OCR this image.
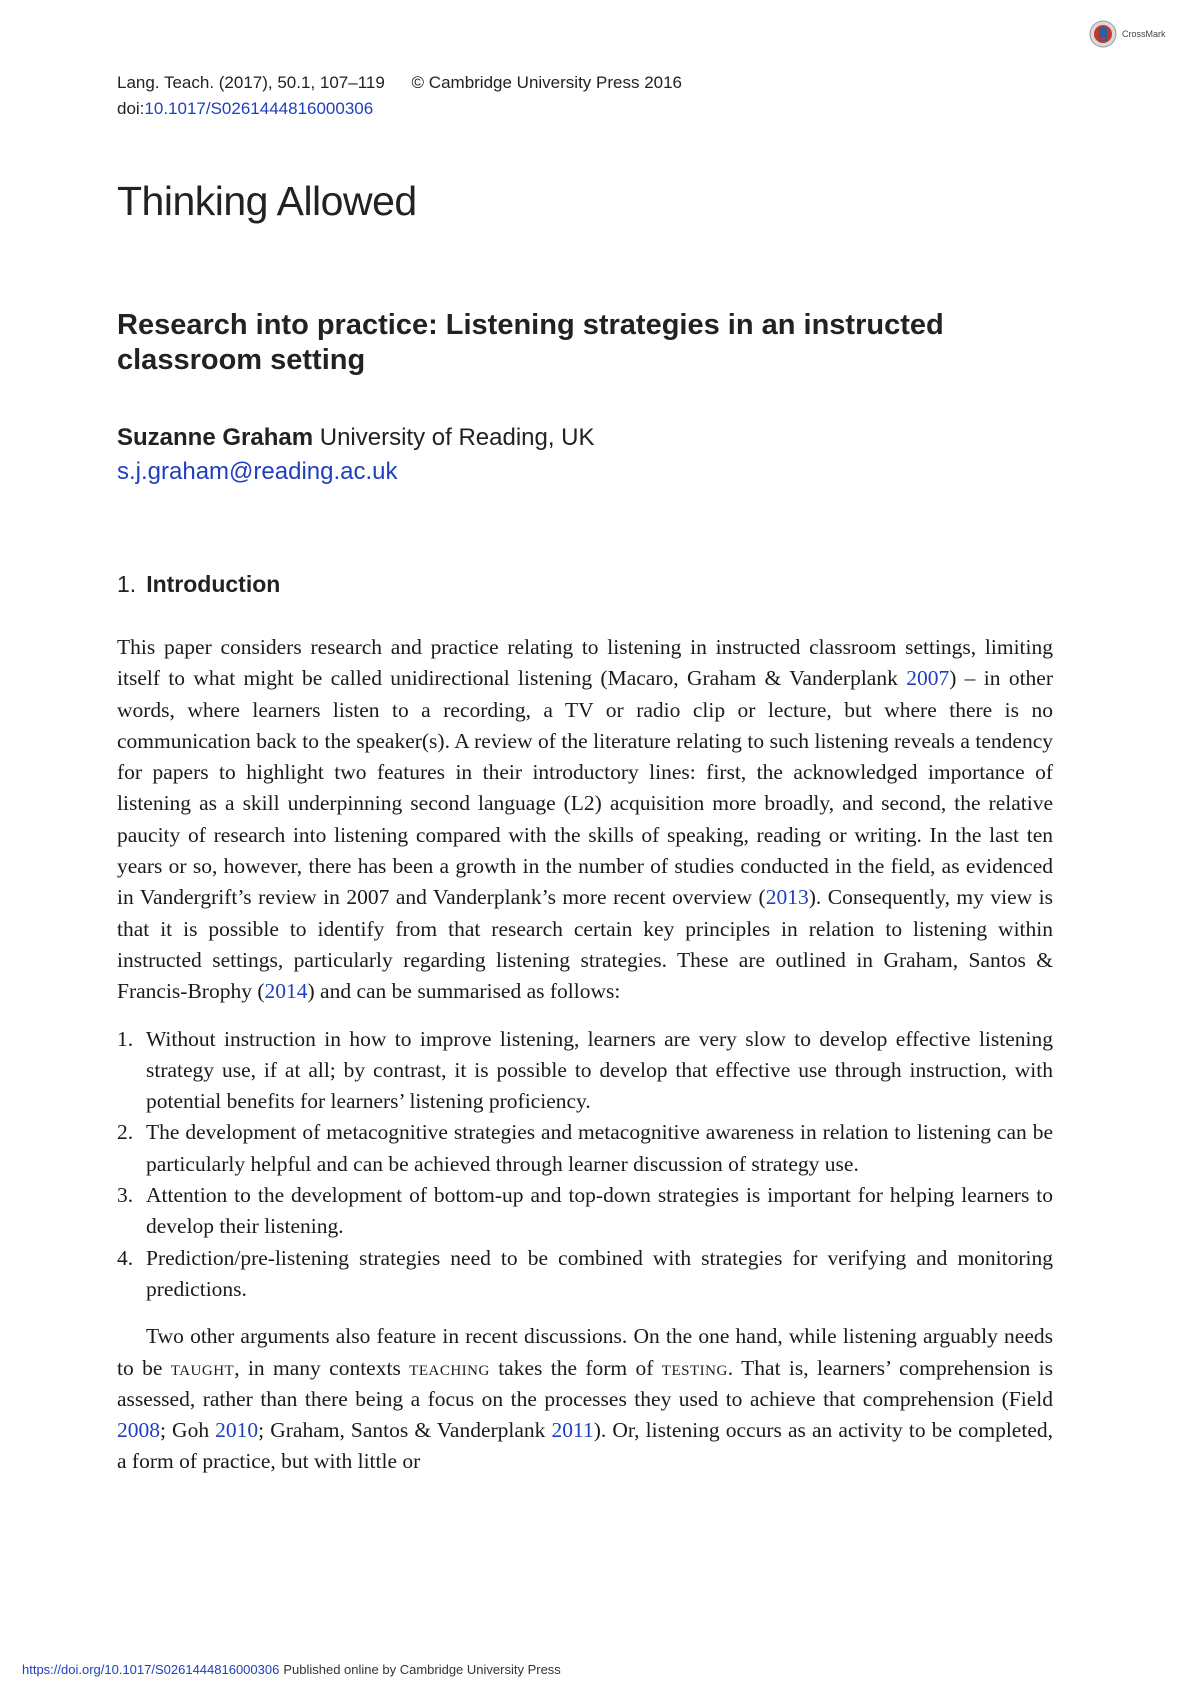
CrossMark
Lang. Teach. (2017), 50.1, 107–119 © Cambridge University Press 2016
doi:10.1017/S0261444816000306
Thinking Allowed
Research into practice: Listening strategies in an instructed classroom setting
Suzanne Graham University of Reading, UK
s.j.graham@reading.ac.uk
1. Introduction

This paper considers research and practice relating to listening in instructed classroom settings, limiting itself to what might be called unidirectional listening (Macaro, Graham & Vanderplank 2007) – in other words, where learners listen to a recording, a TV or radio clip or lecture, but where there is no communication back to the speaker(s). A review of the literature relating to such listening reveals a tendency for papers to highlight two features in their introductory lines: first, the acknowledged importance of listening as a skill underpinning second language (L2) acquisition more broadly, and second, the relative paucity of research into listening compared with the skills of speaking, reading or writing. In the last ten years or so, however, there has been a growth in the number of studies conducted in the field, as evidenced in Vandergrift’s review in 2007 and Vanderplank’s more recent overview (2013). Consequently, my view is that it is possible to identify from that research certain key principles in relation to listening within instructed settings, particularly regarding listening strategies. These are outlined in Graham, Santos & Francis-Brophy (2014) and can be summarised as follows:

1. Without instruction in how to improve listening, learners are very slow to develop effective listening strategy use, if at all; by contrast, it is possible to develop that effective use through instruction, with potential benefits for learners’ listening proficiency.
2. The development of metacognitive strategies and metacognitive awareness in relation to listening can be particularly helpful and can be achieved through learner discussion of strategy use.
3. Attention to the development of bottom-up and top-down strategies is important for helping learners to develop their listening.
4. Prediction/pre-listening strategies need to be combined with strategies for verifying and monitoring predictions.

Two other arguments also feature in recent discussions. On the one hand, while listening arguably needs to be taught, in many contexts teaching takes the form of testing. That is, learners’ comprehension is assessed, rather than there being a focus on the processes they used to achieve that comprehension (Field 2008; Goh 2010; Graham, Santos & Vanderplank 2011). Or, listening occurs as an activity to be completed, a form of practice, but with little or

https://doi.org/10.1017/S0261444816000306 Published online by Cambridge University Press
